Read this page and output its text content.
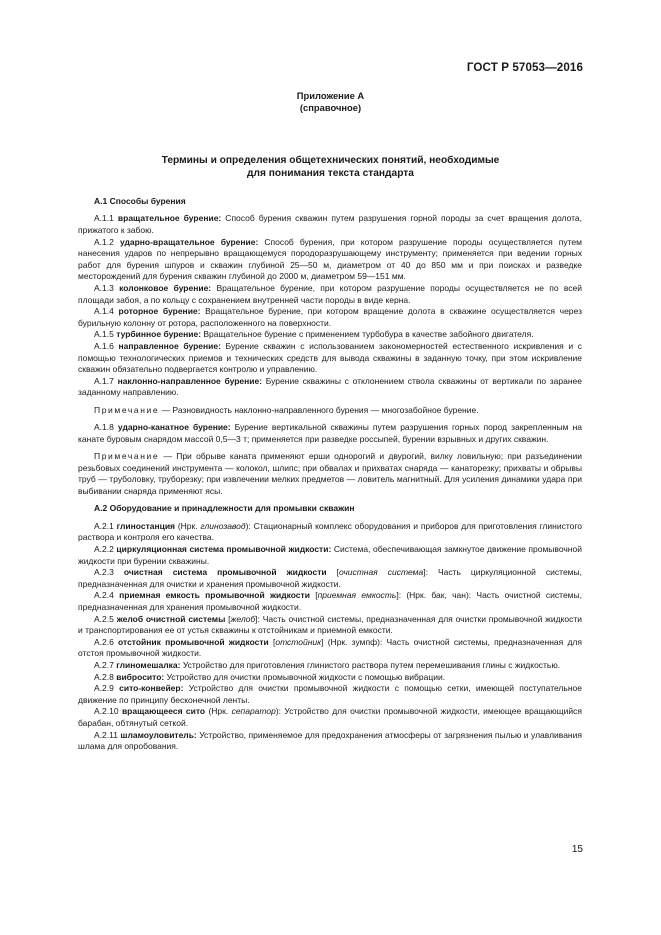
ГОСТ Р 57053—2016
Приложение А
(справочное)
Термины и определения общетехнических понятий, необходимые
для понимания текста стандарта
А.1 Способы бурения

А.1.1 вращательное бурение: Способ бурения скважин путем разрушения горной породы за счет вращения долота, прижатого к забою.

А.1.2 ударно-вращательное бурение: Способ бурения, при котором разрушение породы осуществляется путем нанесения ударов по непрерывно вращающемуся породоразрушающему инструменту; применяется при ведении горных работ для бурения шпуров и скважин глубиной 25—50 м, диаметром от 40 до 850 мм и при поисках и разведке месторождений для бурения скважин глубиной до 2000 м, диаметром 59—151 мм.

А.1.3 колонковое бурение: Вращательное бурение, при котором разрушение породы осуществляется не по всей площади забоя, а по кольцу с сохранением внутренней части породы в виде керна.

А.1.4 роторное бурение: Вращательное бурение, при котором вращение долота в скважине осуществляется через бурильную колонну от ротора, расположенного на поверхности.

А.1.5 турбинное бурение: Вращательное бурение с применением турбобура в качестве забойного двигателя.

А.1.6 направленное бурение: Бурение скважин с использованием закономерностей естественного искривления и с помощью технологических приемов и технических средств для вывода скважины в заданную точку, при этом искривление скважин обязательно подвергается контролю и управлению.

А.1.7 наклонно-направленное бурение: Бурение скважины с отклонением ствола скважины от вертикали по заранее заданному направлению.

Примечание — Разновидность наклонно-направленного бурения — многозабойное бурение.

А.1.8 ударно-канатное бурение: Бурение вертикальной скважины путем разрушения горных пород закрепленным на канате буровым снарядом массой 0,5—3 т; применяется при разведке россыпей, бурении взрывных и других скважин.

Примечание — При обрыве каната применяют ерши однорогий и двурогий, вилку ловильную; при разъединении резьбовых соединений инструмента — колокол, шлипс; при обвалах и прихватах снаряда — канаторезку; прихваты и обрывы труб — труболовку, труборезку; при извлечении мелких предметов — ловитель магнитный. Для усиления динамики удара при выбивании снаряда применяют ясы.

А.2 Оборудование и принадлежности для промывки скважин

А.2.1 глиностанция (Нрк. глинозавод): Стационарный комплекс оборудования и приборов для приготовления глинистого раствора и контроля его качества.

А.2.2 циркуляционная система промывочной жидкости: Система, обеспечивающая замкнутое движение промывочной жидкости при бурении скважины.

А.2.3 очистная система промывочной жидкости [очистная система]: Часть циркуляционной системы, предназначенная для очистки и хранения промывочной жидкости.

А.2.4 приемная емкость промывочной жидкости [приемная емкость]: (Нрк. бак, чан): Часть очистной системы, предназначенная для хранения промывочной жидкости.

А.2.5 желоб очистной системы [желоб]: Часть очистной системы, предназначенная для очистки промывочной жидкости и транспортирования ее от устья скважины к отстойникам и приемной емкости.

А.2.6 отстойник промывочной жидкости [отстойник] (Нрк. зумпф): Часть очистной системы, предназначенная для отстоя промывочной жидкости.

А.2.7 глиномешалка: Устройство для приготовления глинистого раствора путем перемешивания глины с жидкостью.

А.2.8 вибросито: Устройство для очистки промывочной жидкости с помощью вибрации.

А.2.9 сито-конвейер: Устройство для очистки промывочной жидкости с помощью сетки, имеющей поступательное движение по принципу бесконечной ленты.

А.2.10 вращающееся сито (Нрк. сепаратор): Устройство для очистки промывочной жидкости, имеющее вращающийся барабан, обтянутый сеткой.

А.2.11 шламоуловитель: Устройство, применяемое для предохранения атмосферы от загрязнения пылью и улавливания шлама для опробования.

15
